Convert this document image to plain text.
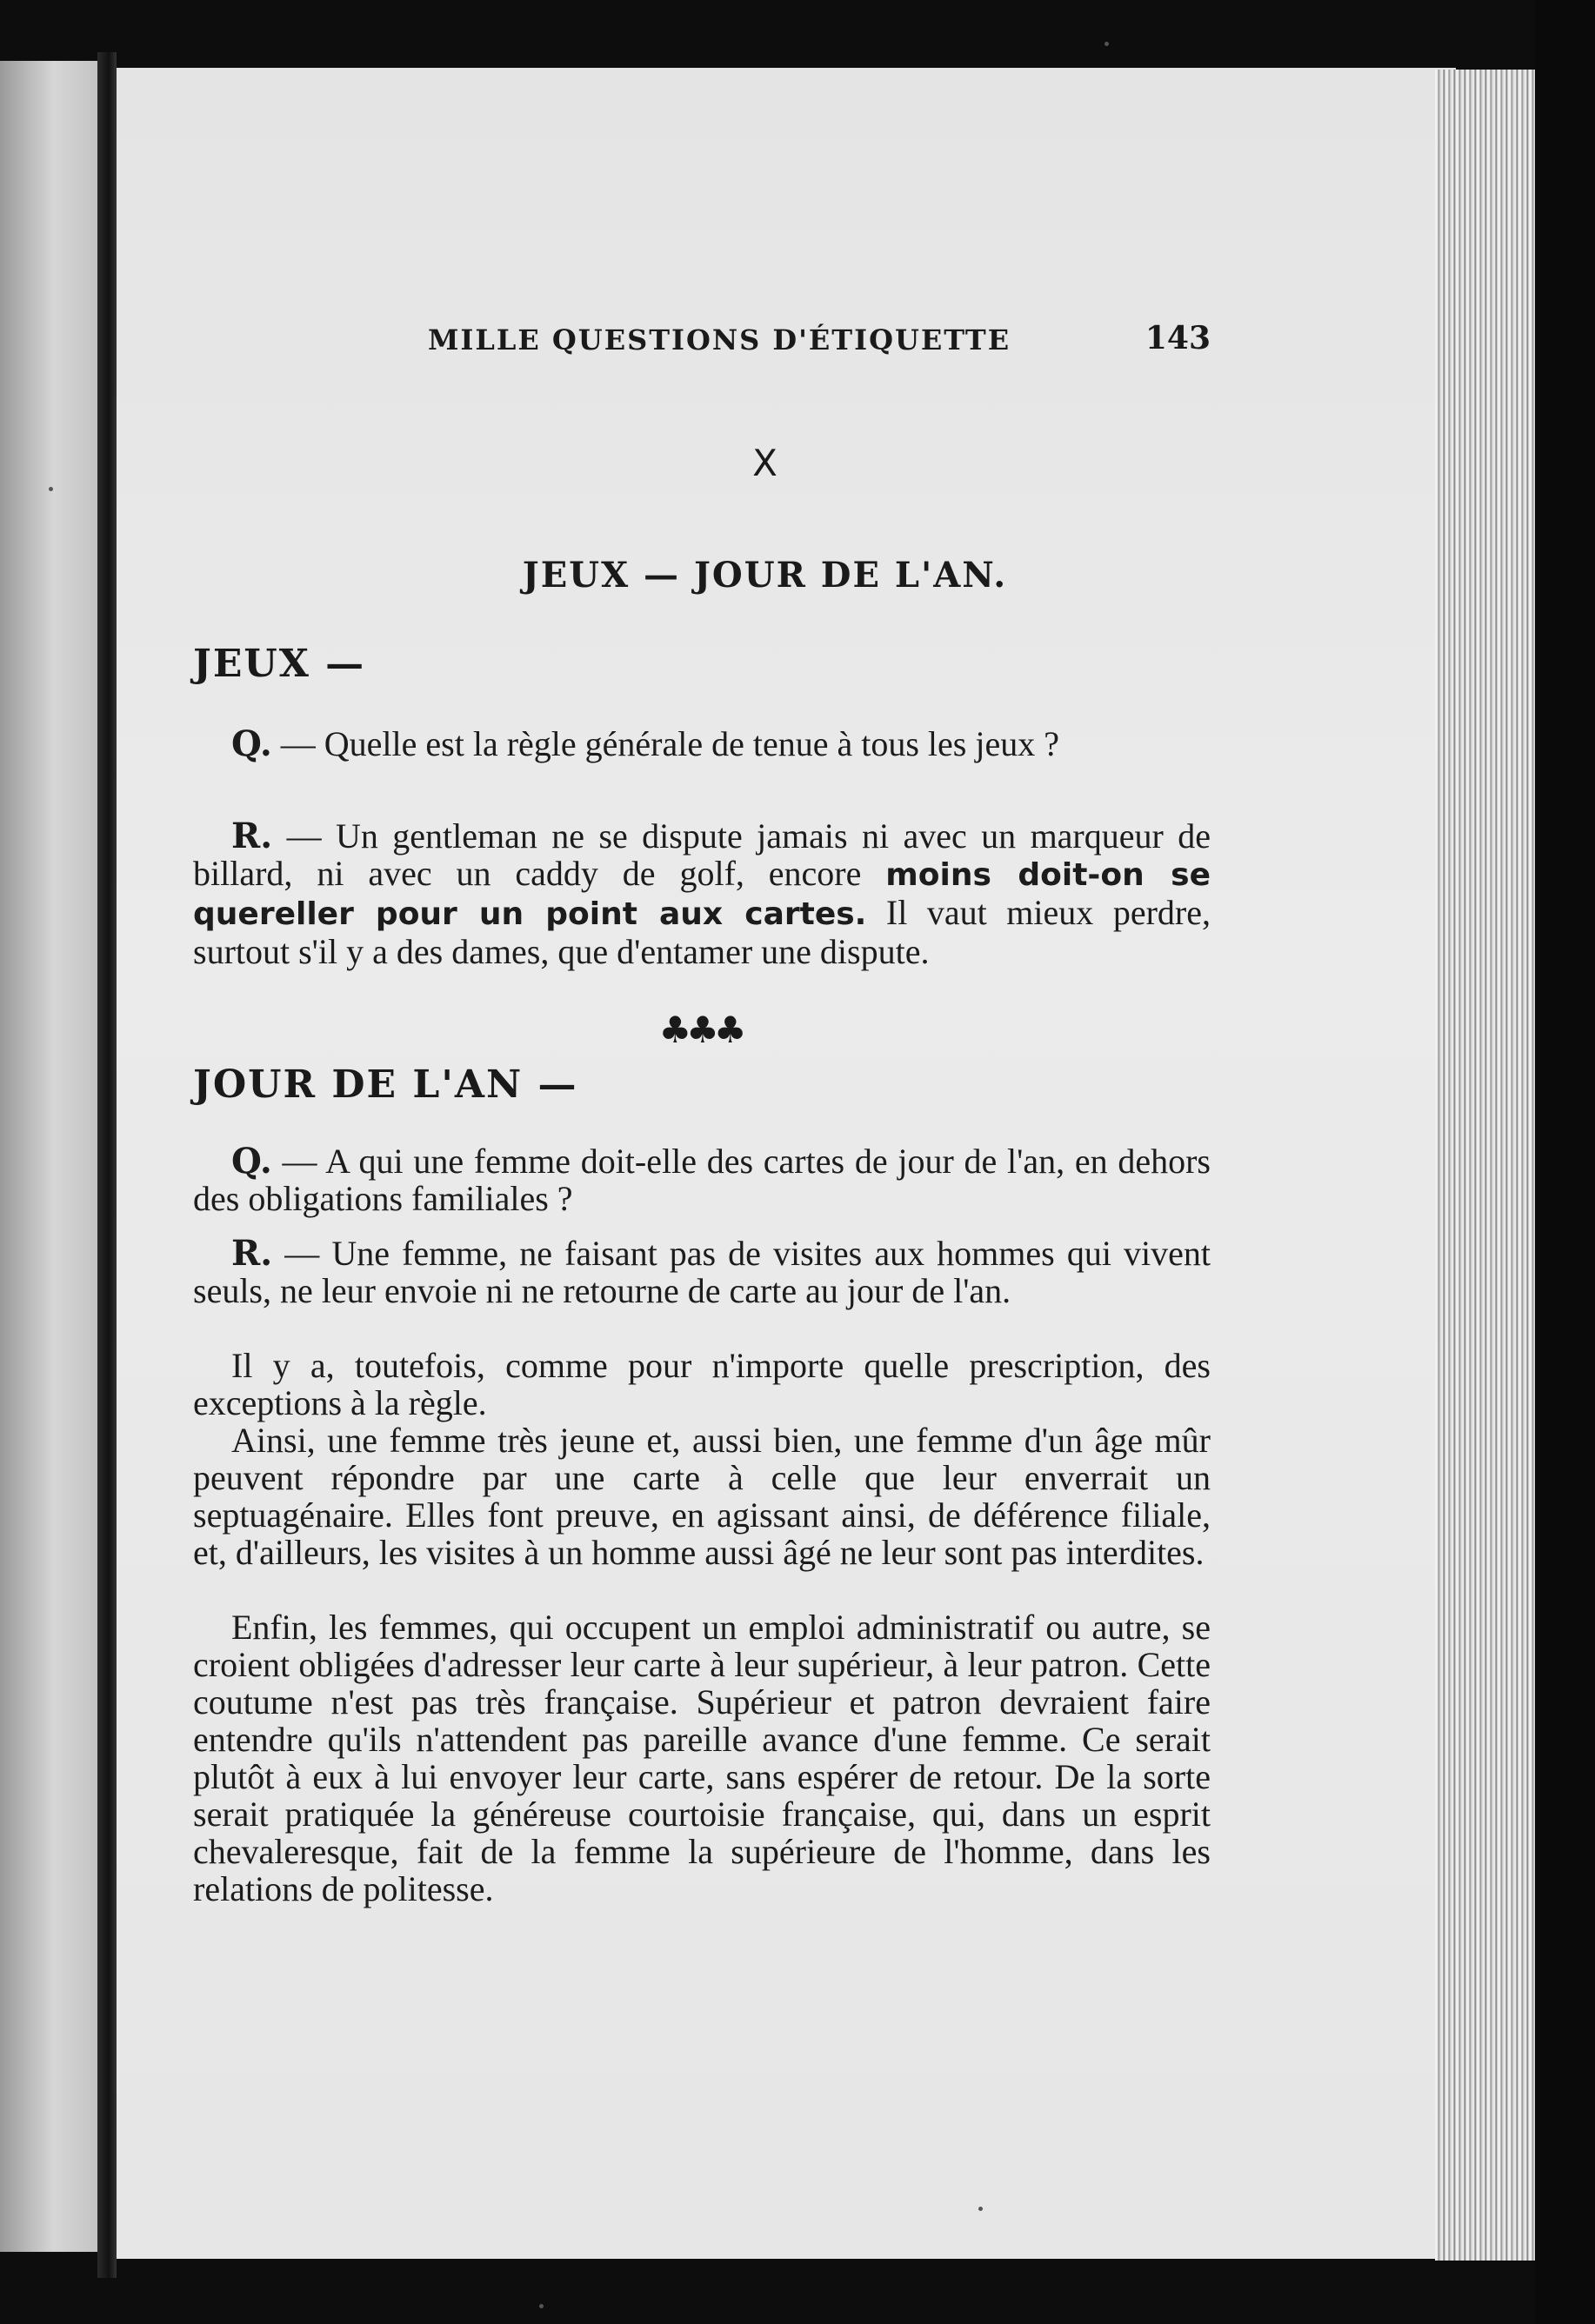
MILLE QUESTIONS D'ÉTIQUETTE	143
X
JEUX — JOUR DE L'AN.
JEUX —

Q. — Quelle est la règle générale de tenue à tous les jeux ?

R. — Un gentleman ne se dispute jamais ni avec un marqueur de billard, ni avec un caddy de golf, encore moins doit-on se quereller pour un point aux cartes. Il vaut mieux perdre, surtout s'il y a des dames, que d'entamer une dispute.

♣♣♣
JOUR DE L'AN —

Q. — A qui une femme doit-elle des cartes de jour de l'an, en dehors des obligations familiales ?

R. — Une femme, ne faisant pas de visites aux hommes qui vivent seuls, ne leur envoie ni ne retourne de carte au jour de l'an.

Il y a, toutefois, comme pour n'importe quelle prescription, des exceptions à la règle.

Ainsi, une femme très jeune et, aussi bien, une femme d'un âge mûr peuvent répondre par une carte à celle que leur enverrait un septuagénaire. Elles font preuve, en agissant ainsi, de déférence filiale, et, d'ailleurs, les visites à un homme aussi âgé ne leur sont pas interdites.

Enfin, les femmes, qui occupent un emploi administratif ou autre, se croient obligées d'adresser leur carte à leur supérieur, à leur patron. Cette coutume n'est pas très française. Supérieur et patron devraient faire entendre qu'ils n'attendent pas pareille avance d'une femme. Ce serait plutôt à eux à lui envoyer leur carte, sans espérer de retour. De la sorte serait pratiquée la généreuse courtoisie française, qui, dans un esprit chevaleresque, fait de la femme la supérieure de l'homme, dans les relations de politesse.
